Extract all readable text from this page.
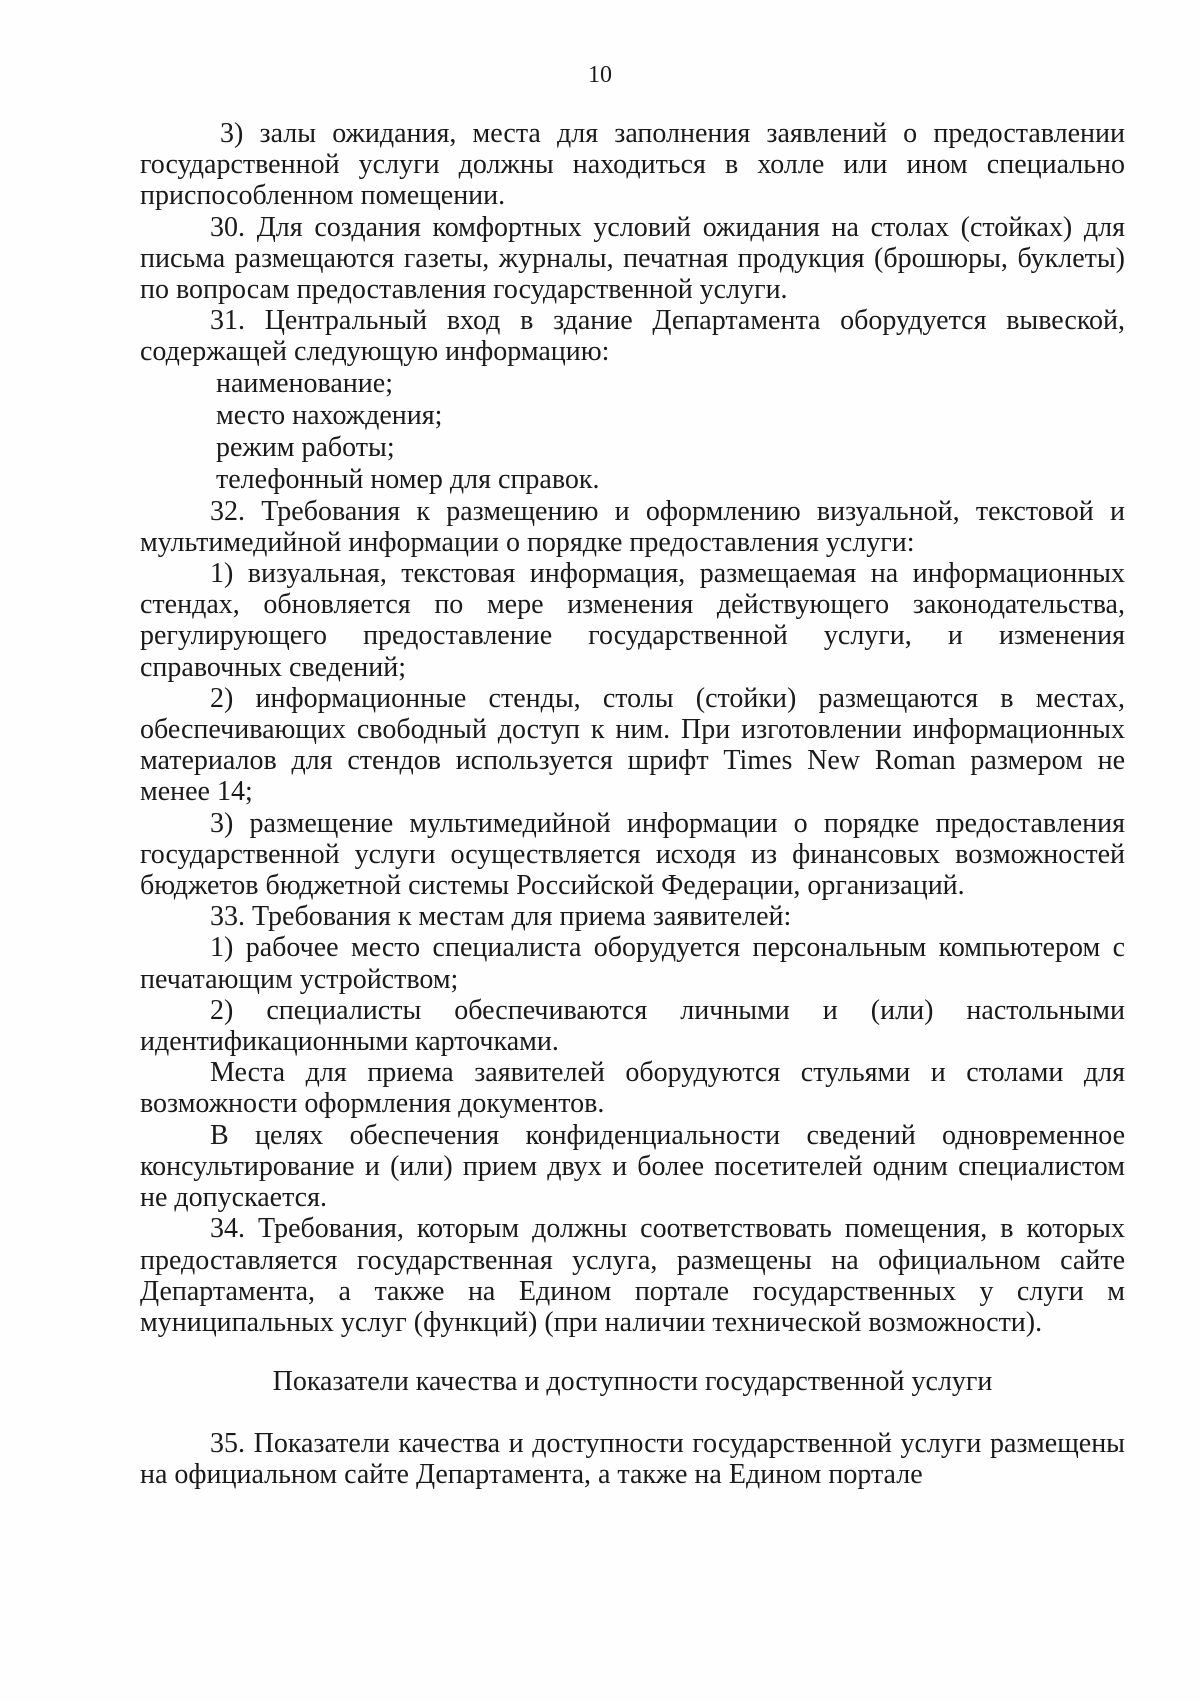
10

3) залы ожидания, места для заполнения заявлений о предоставлении государственной услуги должны находиться в холле или ином специально приспособленном помещении.

30. Для создания комфортных условий ожидания на столах (стойках) для письма размещаются газеты, журналы, печатная продукция (брошюры, буклеты) по вопросам предоставления государственной услуги.

31. Центральный вход в здание Департамента оборудуется вывеской, содержащей следующую информацию:

наименование;

место нахождения;

режим работы;

телефонный номер для справок.

32. Требования к размещению и оформлению визуальной, текстовой и мультимедийной информации о порядке предоставления услуги:

1) визуальная, текстовая информация, размещаемая на информационных стендах, обновляется по мере изменения действующего законодательства, регулирующего предоставление государственной услуги, и изменения справочных сведений;

2) информационные стенды, столы (стойки) размещаются в местах, обеспечивающих свободный доступ к ним. При изготовлении информационных материалов для стендов используется шрифт Times New Roman размером не менее 14;

3) размещение мультимедийной информации о порядке предоставления государственной услуги осуществляется исходя из финансовых возможностей бюджетов бюджетной системы Российской Федерации, организаций.

33. Требования к местам для приема заявителей:

1) рабочее место специалиста оборудуется персональным компьютером с печатающим устройством;

2) специалисты обеспечиваются личными и (или) настольными идентификационными карточками.

Места для приема заявителей оборудуются стульями и столами для возможности оформления документов.

В целях обеспечения конфиденциальности сведений одновременное консультирование и (или) прием двух и более посетителей одним специалистом не допускается.

34. Требования, которым должны соответствовать помещения, в которых предоставляется государственная услуга, размещены на официальном сайте Департамента, а также на Едином портале государственных у слуги м муниципальных услуг (функций) (при наличии технической возможности).

Показатели качества и доступности государственной услуги

35. Показатели качества и доступности государственной услуги размещены на официальном сайте Департамента, а также на Едином портале
